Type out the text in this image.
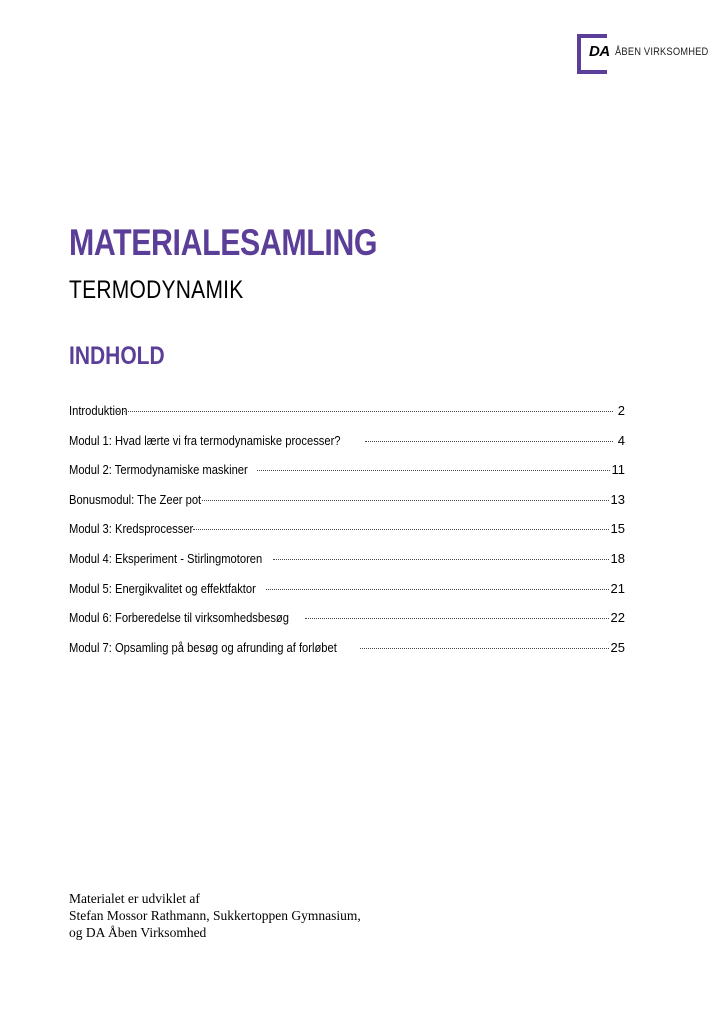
DA ÅBEN VIRKSOMHED
MATERIALESAMLING
TERMODYNAMIK
INDHOLD
Introduktion	2
Modul 1: Hvad lærte vi fra termodynamiske processer?	4
Modul 2: Termodynamiske maskiner	11
Bonusmodul: The Zeer pot	13
Modul 3: Kredsprocesser	15
Modul 4: Eksperiment - Stirlingmotoren	18
Modul 5: Energikvalitet og effektfaktor	21
Modul 6: Forberedelse til virksomhedsbesøg	22
Modul 7: Opsamling på besøg og afrunding af forløbet	25
Materialet er udviklet af
Stefan Mossor Rathmann, Sukkertoppen Gymnasium,
og DA Åben Virksomhed
